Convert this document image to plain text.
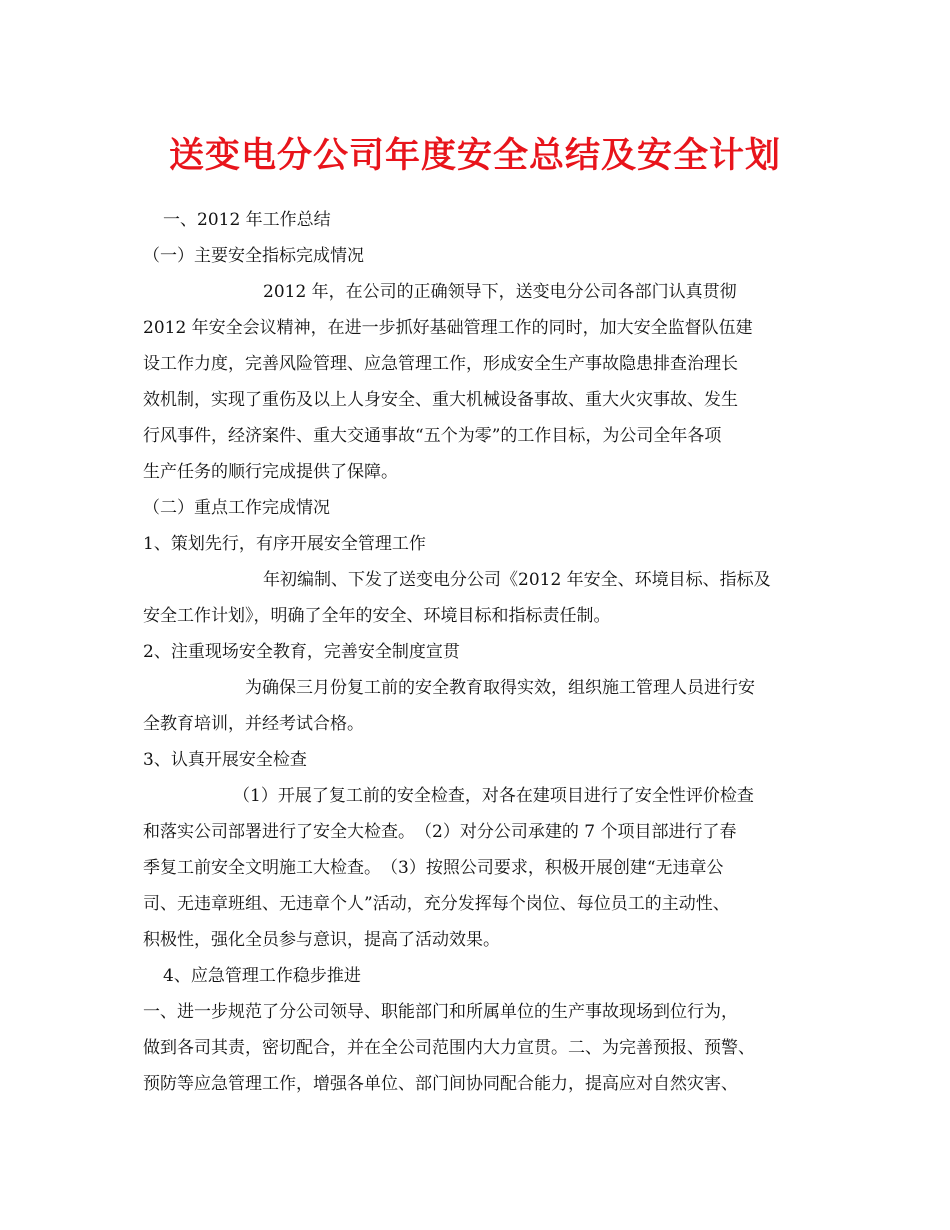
送变电分公司年度安全总结及安全计划
一、2012 年工作总结
（一）主要安全指标完成情况
2012 年，在公司的正确领导下，送变电分公司各部门认真贯彻
2012 年安全会议精神，在进一步抓好基础管理工作的同时，加大安全监督队伍建
设工作力度，完善风险管理、应急管理工作，形成安全生产事故隐患排查治理长
效机制，实现了重伤及以上人身安全、重大机械设备事故、重大火灾事故、发生
行风事件，经济案件、重大交通事故“五个为零”的工作目标，为公司全年各项
生产任务的顺行完成提供了保障。
（二）重点工作完成情况
1、策划先行，有序开展安全管理工作
年初编制、下发了送变电分公司《2012 年安全、环境目标、指标及
安全工作计划》，明确了全年的安全、环境目标和指标责任制。
2、注重现场安全教育，完善安全制度宣贯
为确保三月份复工前的安全教育取得实效，组织施工管理人员进行安
全教育培训，并经考试合格。
3、认真开展安全检查
（1）开展了复工前的安全检查，对各在建项目进行了安全性评价检查
和落实公司部署进行了安全大检查。　（2）对分公司承建的 7 个项目部进行了春
季复工前安全文明施工大检查。　（3）按照公司要求，积极开展创建“无违章公
司、无违章班组、无违章个人”活动，充分发挥每个岗位、每位员工的主动性、
积极性，强化全员参与意识，提高了活动效果。
4、应急管理工作稳步推进
一、进一步规范了分公司领导、职能部门和所属单位的生产事故现场到位行为，
做到各司其责，密切配合，并在全公司范围内大力宣贯。二、为完善预报、预警、
预防等应急管理工作，增强各单位、部门间协同配合能力，提高应对自然灾害、
